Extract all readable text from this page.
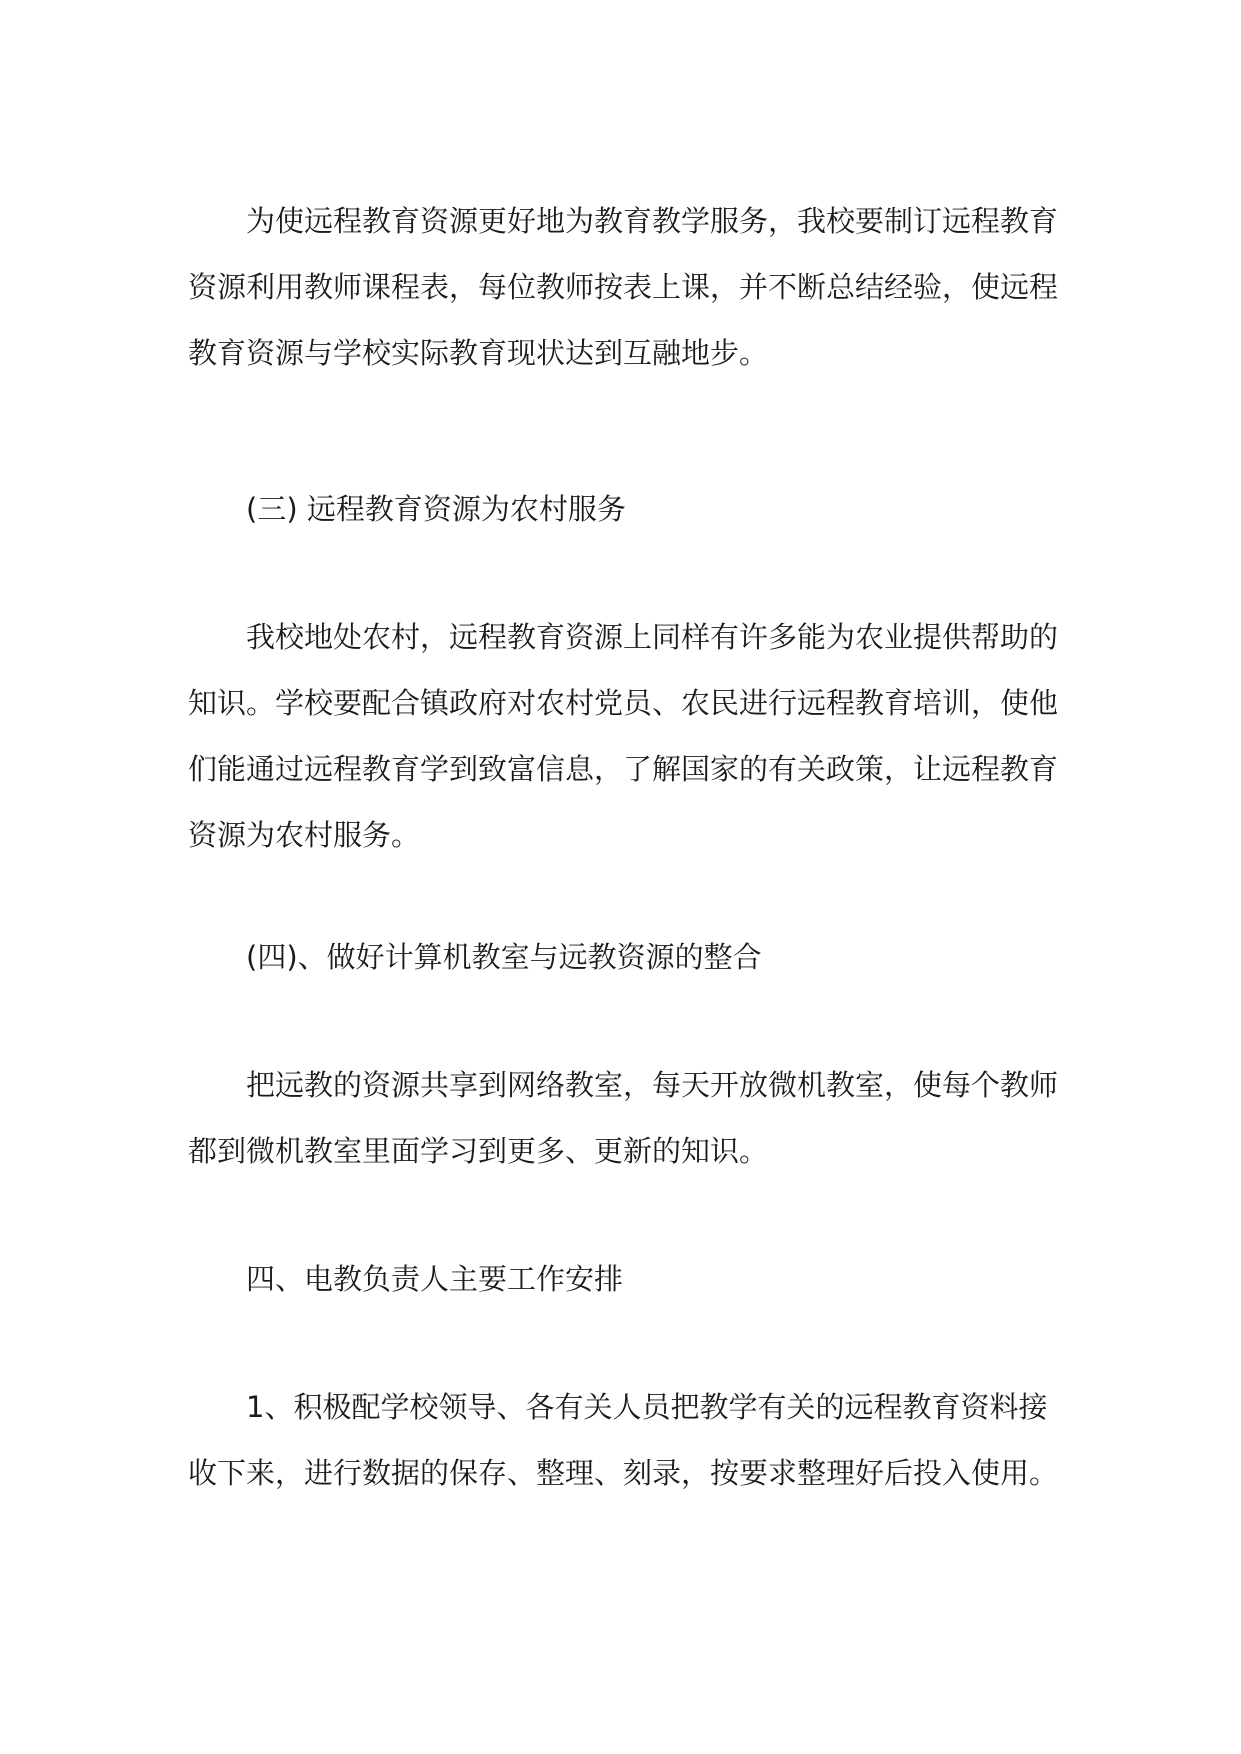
为使远程教育资源更好地为教育教学服务，我校要制订远程教育
资源利用教师课程表，每位教师按表上课，并不断总结经验，使远程
教育资源与学校实际教育现状达到互融地步。
(三) 远程教育资源为农村服务
我校地处农村，远程教育资源上同样有许多能为农业提供帮助的
知识。学校要配合镇政府对农村党员、农民进行远程教育培训，使他
们能通过远程教育学到致富信息，了解国家的有关政策，让远程教育
资源为农村服务。
(四)、做好计算机教室与远教资源的整合
把远教的资源共享到网络教室，每天开放微机教室，使每个教师
都到微机教室里面学习到更多、更新的知识。
四、电教负责人主要工作安排
1、积极配学校领导、各有关人员把教学有关的远程教育资料接
收下来，进行数据的保存、整理、刻录，按要求整理好后投入使用。
